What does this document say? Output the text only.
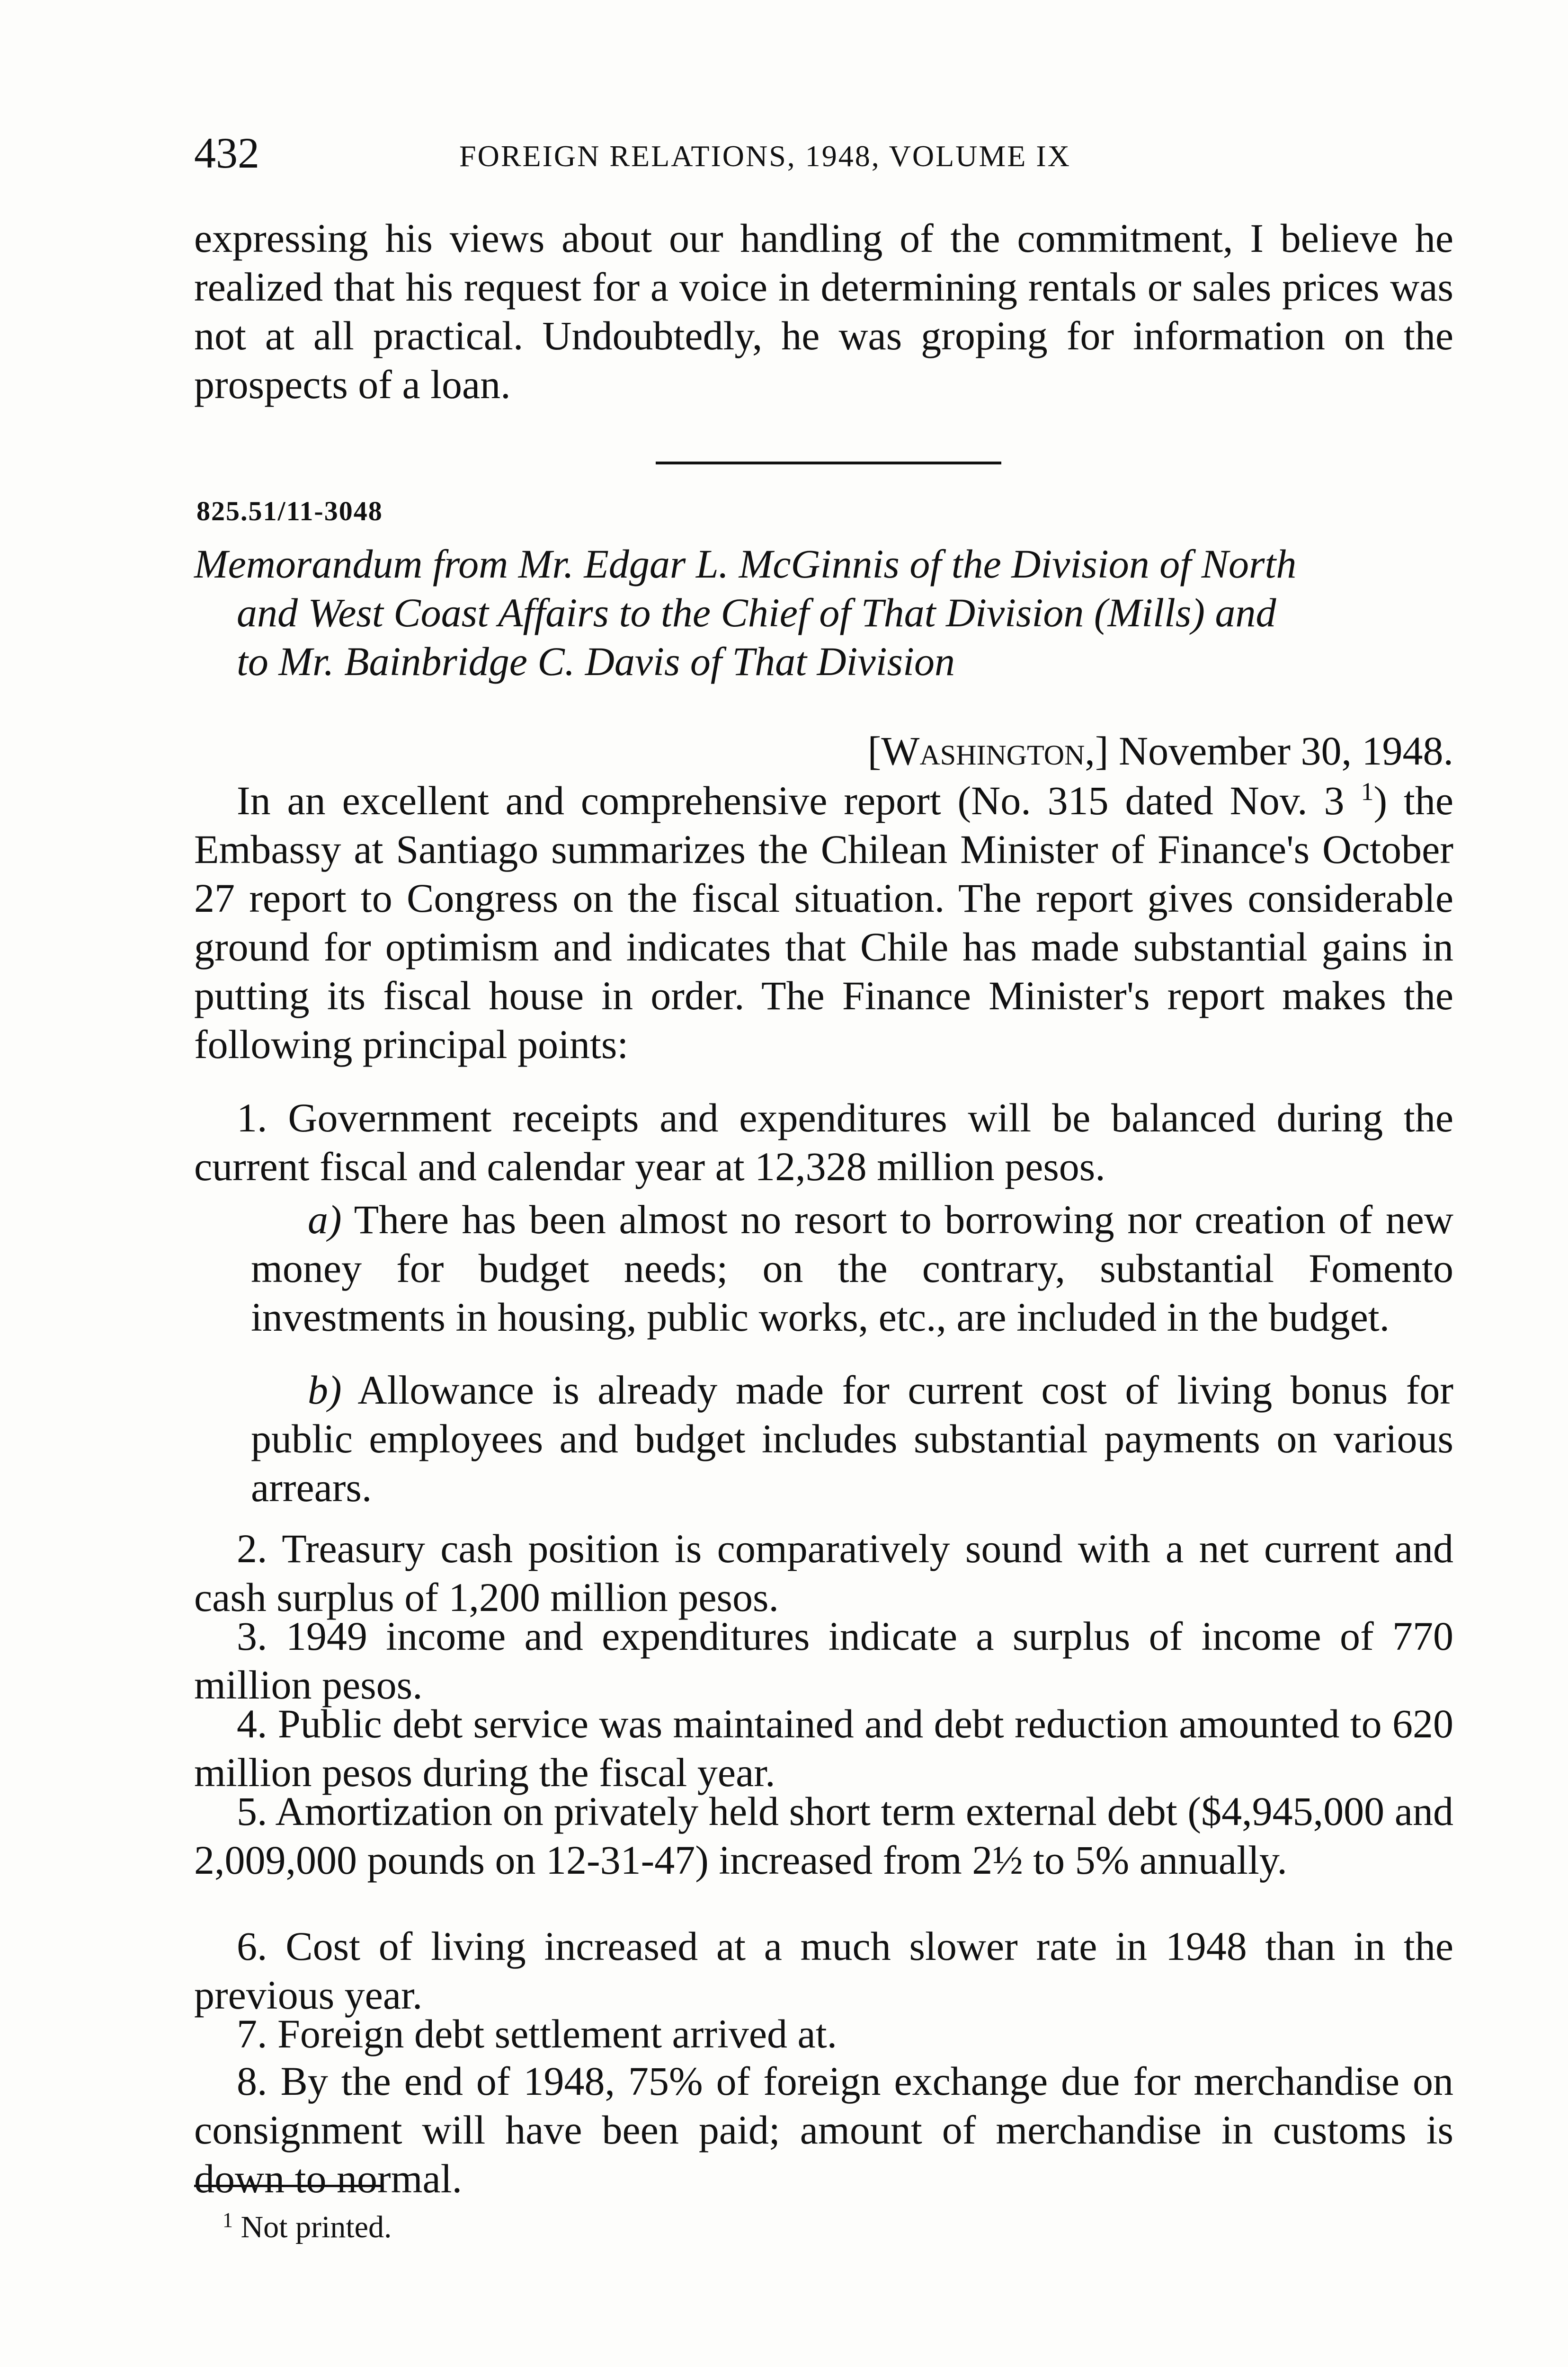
432	FOREIGN RELATIONS, 1948, VOLUME IX

expressing his views about our handling of the commitment, I believe he realized that his request for a voice in determining rentals or sales prices was not at all practical. Undoubtedly, he was groping for information on the prospects of a loan.

825.51/11-3048

Memorandum from Mr. Edgar L. McGinnis of the Division of North
and West Coast Affairs to the Chief of That Division (Mills) and
to Mr. Bainbridge C. Davis of That Division

[Washington,] November 30, 1948.

In an excellent and comprehensive report (No. 315 dated Nov. 3 $^1$) the Embassy at Santiago summarizes the Chilean Minister of Finance's October 27 report to Congress on the fiscal situation. The report gives considerable ground for optimism and indicates that Chile has made substantial gains in putting its fiscal house in order. The Finance Minister's report makes the following principal points:

1. Government receipts and expenditures will be balanced during the current fiscal and calendar year at 12,328 million pesos.

a) There has been almost no resort to borrowing nor creation of new money for budget needs; on the contrary, substantial Fomento investments in housing, public works, etc., are included in the budget.

b) Allowance is already made for current cost of living bonus for public employees and budget includes substantial payments on various arrears.

2. Treasury cash position is comparatively sound with a net current and cash surplus of 1,200 million pesos.

3. 1949 income and expenditures indicate a surplus of income of 770 million pesos.

4. Public debt service was maintained and debt reduction amounted to 620 million pesos during the fiscal year.

5. Amortization on privately held short term external debt ($4,945,000 and 2,009,000 pounds on 12-31-47) increased from 2½ to 5% annually.

6. Cost of living increased at a much slower rate in 1948 than in the previous year.

7. Foreign debt settlement arrived at.

8. By the end of 1948, 75% of foreign exchange due for merchandise on consignment will have been paid; amount of merchandise in customs is down to normal.

$^1$ Not printed.
